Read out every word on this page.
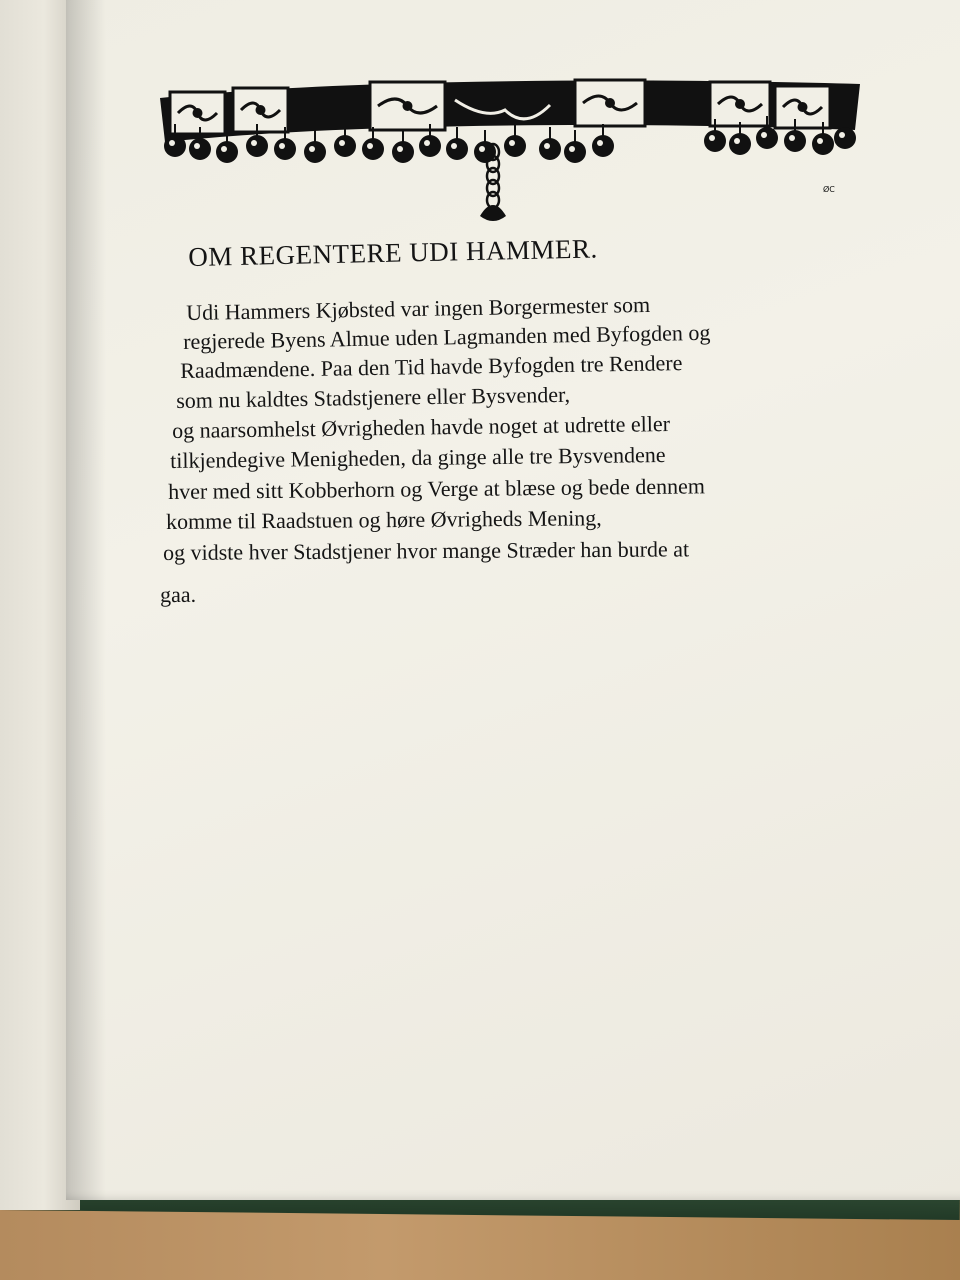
ØC
OM REGENTERE UDI HAMMER.
Udi Hammers Kjøbsted var ingen Borgermester som
regjerede Byens Almue uden Lagmanden med Byfogden og
Raadmændene. Paa den Tid havde Byfogden tre Rendere
som nu kaldtes Stadstjenere eller Bysvender,
og naarsomhelst Øvrigheden havde noget at udrette eller
tilkjendegive Menigheden, da ginge alle tre Bysvendene
hver med sitt Kobberhorn og Verge at blæse og bede dennem
komme til Raadstuen og høre Øvrigheds Mening,
og vidste hver Stadstjener hvor mange Stræder han burde at
gaa.
